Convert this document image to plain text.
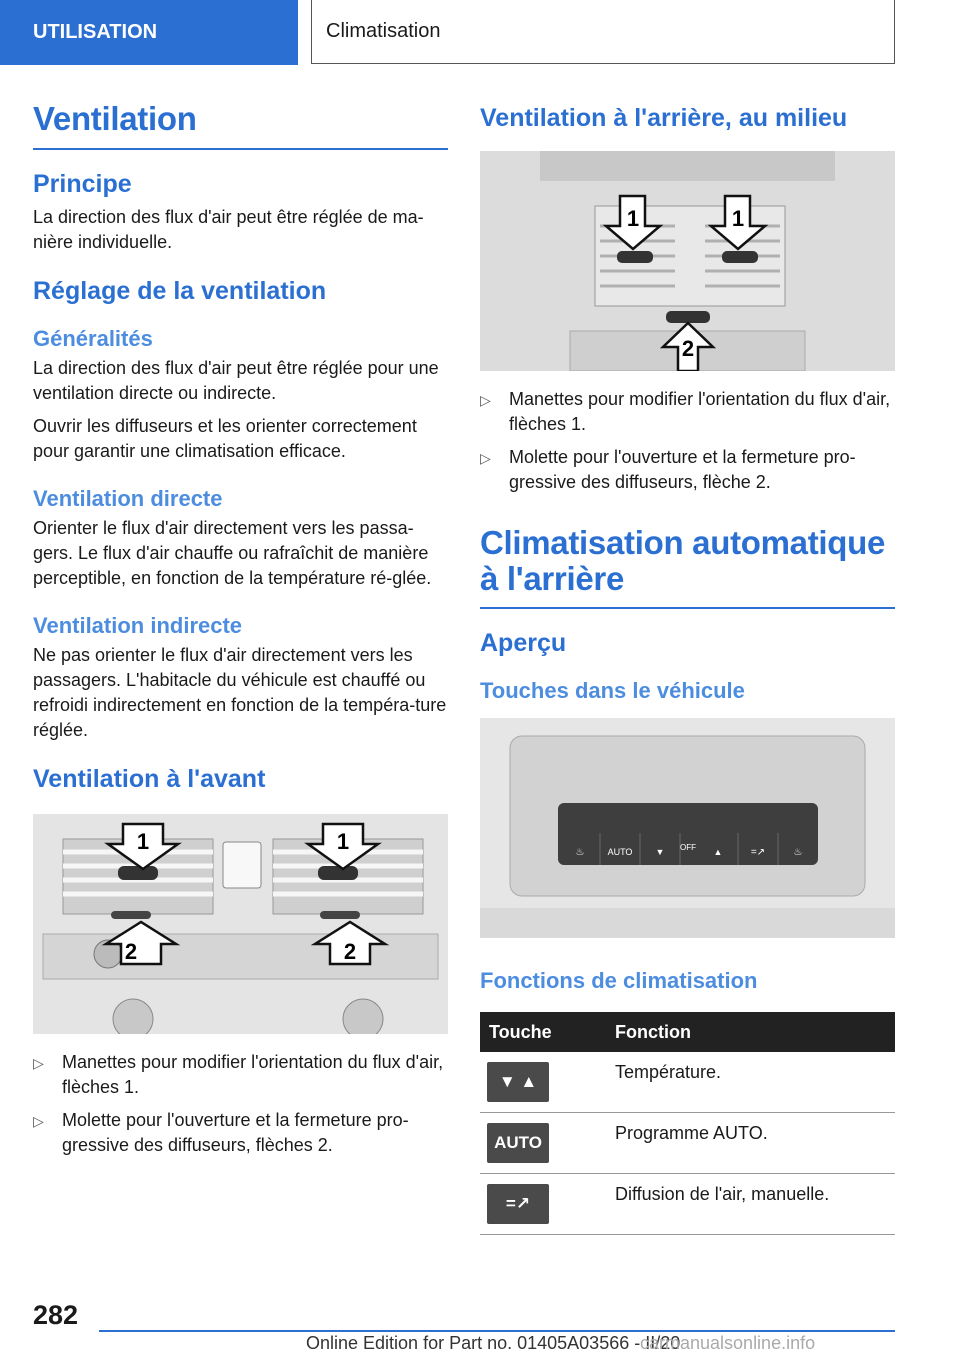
UTILISATION	Climatisation
Ventilation
Principe

La direction des flux d'air peut être réglée de ma-nière individuelle.

Réglage de la ventilation
Généralités

La direction des flux d'air peut être réglée pour une ventilation directe ou indirecte.

Ouvrir les diffuseurs et les orienter correctement pour garantir une climatisation efficace.

Ventilation directe

Orienter le flux d'air directement vers les passa-gers. Le flux d'air chauffe ou rafraîchit de manière perceptible, en fonction de la température ré-glée.

Ventilation indirecte

Ne pas orienter le flux d'air directement vers les passagers. L'habitacle du véhicule est chauffé ou refroidi indirectement en fonction de la tempéra-ture réglée.

Ventilation à l'avant
1	1
2	2
▷ Manettes pour modifier l'orientation du flux d'air, flèches 1.
▷ Molette pour l'ouverture et la fermeture pro-gressive des diffuseurs, flèches 2.
Ventilation à l'arrière, au milieu
1	1
2
▷ Manettes pour modifier l'orientation du flux d'air, flèches 1.
▷ Molette pour l'ouverture et la fermeture pro-gressive des diffuseurs, flèche 2.
Climatisation automatique à l'arrière
Aperçu
Touches dans le véhicule
AUTO	OFF
▼	▲
♨	=↗	♨
Fonctions de climatisation
Touche	Fonction

▼ ▲	Température.

AUTO	Programme AUTO.

=↗	Diffusion de l'air, manuelle.
282
Online Edition for Part no. 01405A03566 - II/20
carmanualsonline.info
